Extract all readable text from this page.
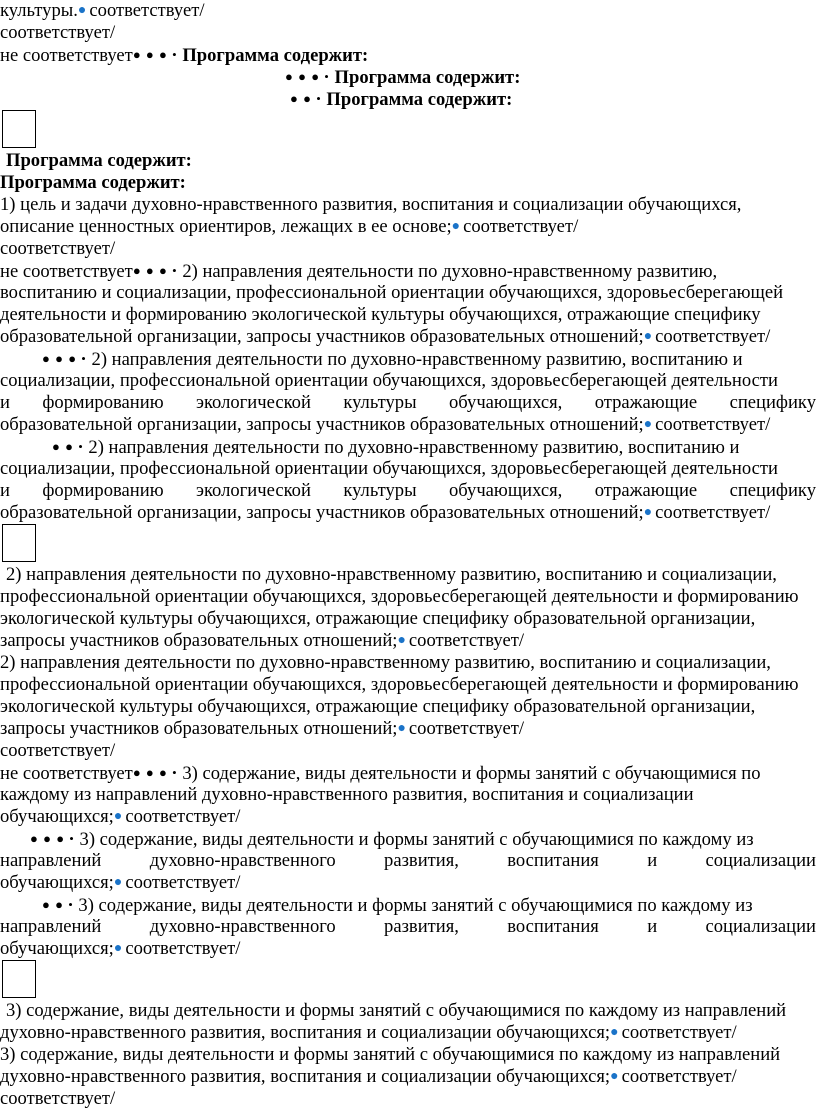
культуры.● соответствует/
соответствует/
не соответствует● ● ● • Программа содержит:
● ● ● • Программа содержит:
● ● • Программа содержит:
Программа содержит:
Программа содержит:
1) цель и задачи духовно-нравственного развития, воспитания и социализации обучающихся,
описание ценностных ориентиров, лежащих в ее основе;● соответствует/
соответствует/
не соответствует● ● ● • 2) направления деятельности по духовно-нравственному развитию,
воспитанию и социализации, профессиональной ориентации обучающихся, здоровьесберегающей
деятельности и формированию экологической культуры обучающихся, отражающие специфику
образовательной организации, запросы участников образовательных отношений;● соответствует/
● ● ● • 2) направления деятельности по духовно-нравственному развитию, воспитанию и
социализации, профессиональной ориентации обучающихся, здоровьесберегающей деятельности
и формированию экологической культуры обучающихся, отражающие специфику
образовательной организации, запросы участников образовательных отношений;● соответствует/
● ● • 2) направления деятельности по духовно-нравственному развитию, воспитанию и
социализации, профессиональной ориентации обучающихся, здоровьесберегающей деятельности
и формированию экологической культуры обучающихся, отражающие специфику
образовательной организации, запросы участников образовательных отношений;● соответствует/
2) направления деятельности по духовно-нравственному развитию, воспитанию и социализации,
профессиональной ориентации обучающихся, здоровьесберегающей деятельности и формированию
экологической культуры обучающихся, отражающие специфику образовательной организации,
запросы участников образовательных отношений;● соответствует/
2) направления деятельности по духовно-нравственному развитию, воспитанию и социализации,
профессиональной ориентации обучающихся, здоровьесберегающей деятельности и формированию
экологической культуры обучающихся, отражающие специфику образовательной организации,
запросы участников образовательных отношений;● соответствует/
соответствует/
не соответствует● ● ● • 3) содержание, виды деятельности и формы занятий с обучающимися по
каждому из направлений духовно-нравственного развития, воспитания и социализации
обучающихся;● соответствует/
● ● ● • 3) содержание, виды деятельности и формы занятий с обучающимися по каждому из
направлений	духовно-нравственного	развития,	воспитания	и	социализации
обучающихся;● соответствует/
● ● • 3) содержание, виды деятельности и формы занятий с обучающимися по каждому из
направлений	духовно-нравственного	развития,	воспитания	и	социализации
обучающихся;● соответствует/
3) содержание, виды деятельности и формы занятий с обучающимися по каждому из направлений
духовно-нравственного развития, воспитания и социализации обучающихся;● соответствует/
3) содержание, виды деятельности и формы занятий с обучающимися по каждому из направлений
духовно-нравственного развития, воспитания и социализации обучающихся;● соответствует/
соответствует/
